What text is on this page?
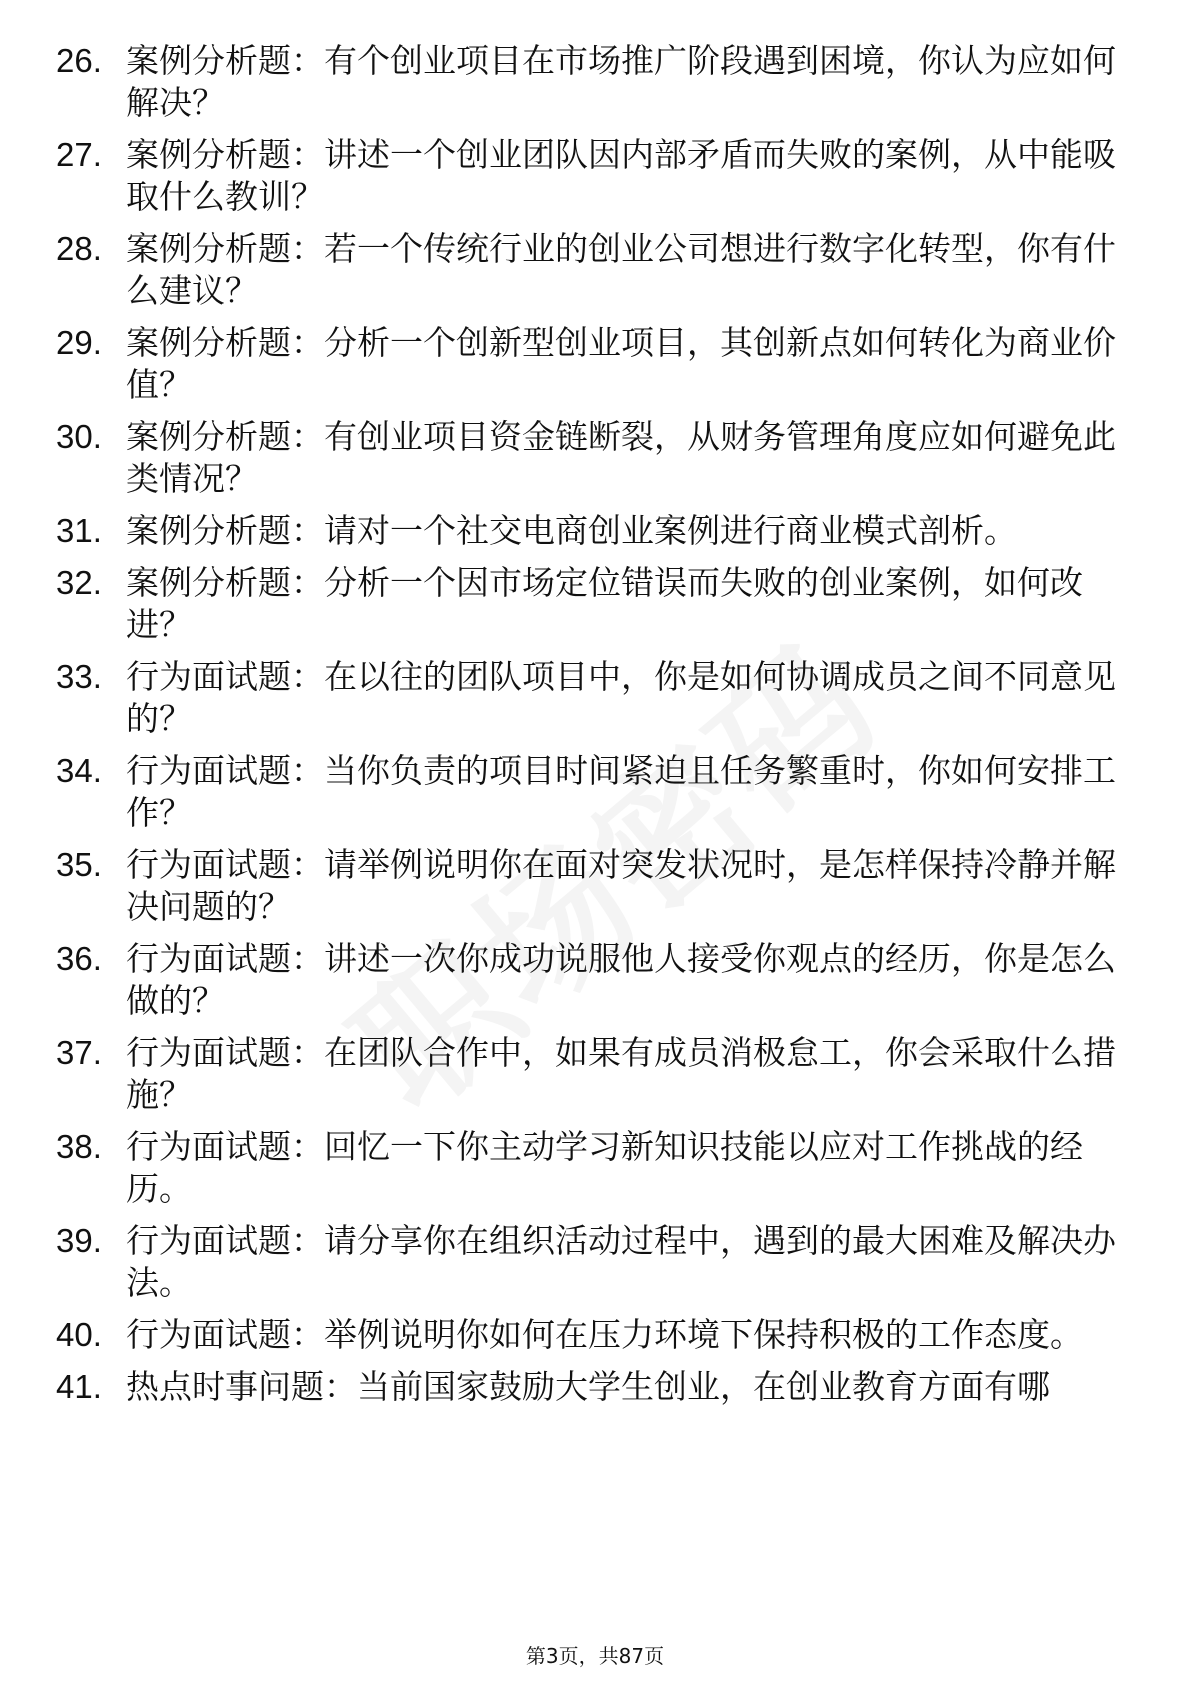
26. 案例分析题：有个创业项目在市场推广阶段遇到困境，你认为应如何解决？
27. 案例分析题：讲述一个创业团队因内部矛盾而失败的案例，从中能吸取什么教训？
28. 案例分析题：若一个传统行业的创业公司想进行数字化转型，你有什么建议？
29. 案例分析题：分析一个创新型创业项目，其创新点如何转化为商业价值？
30. 案例分析题：有创业项目资金链断裂，从财务管理角度应如何避免此类情况？
31. 案例分析题：请对一个社交电商创业案例进行商业模式剖析。
32. 案例分析题：分析一个因市场定位错误而失败的创业案例，如何改进？
33. 行为面试题：在以往的团队项目中，你是如何协调成员之间不同意见的？
34. 行为面试题：当你负责的项目时间紧迫且任务繁重时，你如何安排工作？
35. 行为面试题：请举例说明你在面对突发状况时，是怎样保持冷静并解决问题的？
36. 行为面试题：讲述一次你成功说服他人接受你观点的经历，你是怎么做的？
37. 行为面试题：在团队合作中，如果有成员消极怠工，你会采取什么措施？
38. 行为面试题：回忆一下你主动学习新知识技能以应对工作挑战的经历。
39. 行为面试题：请分享你在组织活动过程中，遇到的最大困难及解决办法。
40. 行为面试题：举例说明你如何在压力环境下保持积极的工作态度。
41. 热点时事问题：当前国家鼓励大学生创业，在创业教育方面有哪
第3页，共87页
